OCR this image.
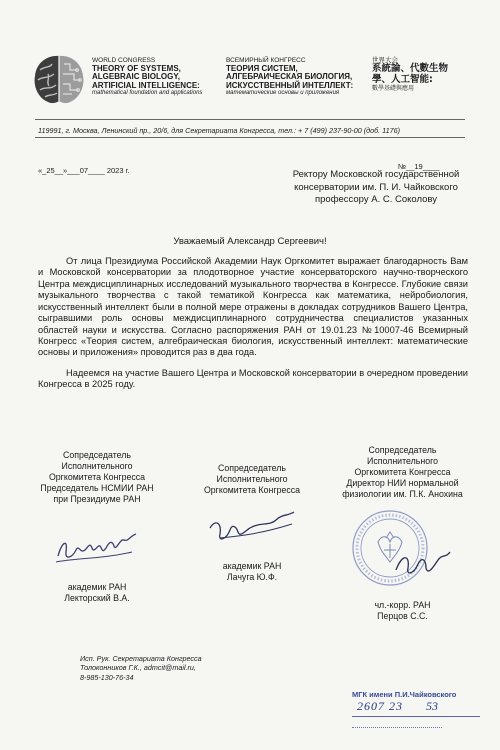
WORLD CONGRESS
THEORY OF SYSTEMS,
ALGEBRAIC BIOLOGY,
ARTIFICIAL INTELLIGENCE:
mathematical foundation and applications
ВСЕМИРНЫЙ КОНГРЕСС
ТЕОРИЯ СИСТЕМ,
АЛГЕБРАИЧЕСКАЯ БИОЛОГИЯ,
ИСКУССТВЕННЫЙ ИНТЕЛЛЕКТ:
математические основы и приложения
世界大会
系統論、代數生物
學、人工智能:
數學基礎與應用
119991, г. Москва, Ленинский пр., 20/6, для Секретариата Конгресса, тел.: + 7 (499) 237-90-00 (доб. 1176)
«_25__»___07____ 2023 г.	№__19____
Ректору Московской государственной
консерватории им. П. И. Чайковского
профессору А. С. Соколову
Уважаемый Александр Сергеевич!

От лица Президиума Российской Академии Наук Оргкомитет выражает благодарность Вам и Московской консерватории за плодотворное участие консерваторского научно-творческого Центра междисциплинарных исследований музыкального творчества в Конгрессе. Глубокие связи музыкального творчества с такой тематикой Конгресса как математика, нейробиология, искусственный интеллект были в полной мере отражены в докладах сотрудников Вашего Центра, сыгравшими роль основы междисциплинарного сотрудничества специалистов указанных областей науки и искусства. Согласно распоряжения РАН от 19.01.23 №10007-46 Всемирный Конгресс «Теория систем, алгебраическая биология, искусственный интеллект: математические основы и приложения» проводится раз в два года.

Надеемся на участие Вашего Центра и Московской консерватории в очередном проведении Конгресса в 2025 году.

Сопредседатель
Исполнительного
Оргкомитета Конгресса
Председатель НСМИИ РАН
при Президиуме РАН
академик РАН
Лекторский В.А.
Сопредседатель
Исполнительного
Оргкомитета Конгресса
академик РАН
Лачуга Ю.Ф.
Сопредседатель
Исполнительного
Оргкомитета Конгресса
Директор НИИ нормальной
физиологии им. П.К. Анохина
чл.-корр. РАН
Перцов С.С.
Исп. Рук. Секретариата Конгресса
Толоконников Г.К., admcit@mail.ru,
8-985-130-76-34
МГК имени П.И.Чайковского
2607 23 53
